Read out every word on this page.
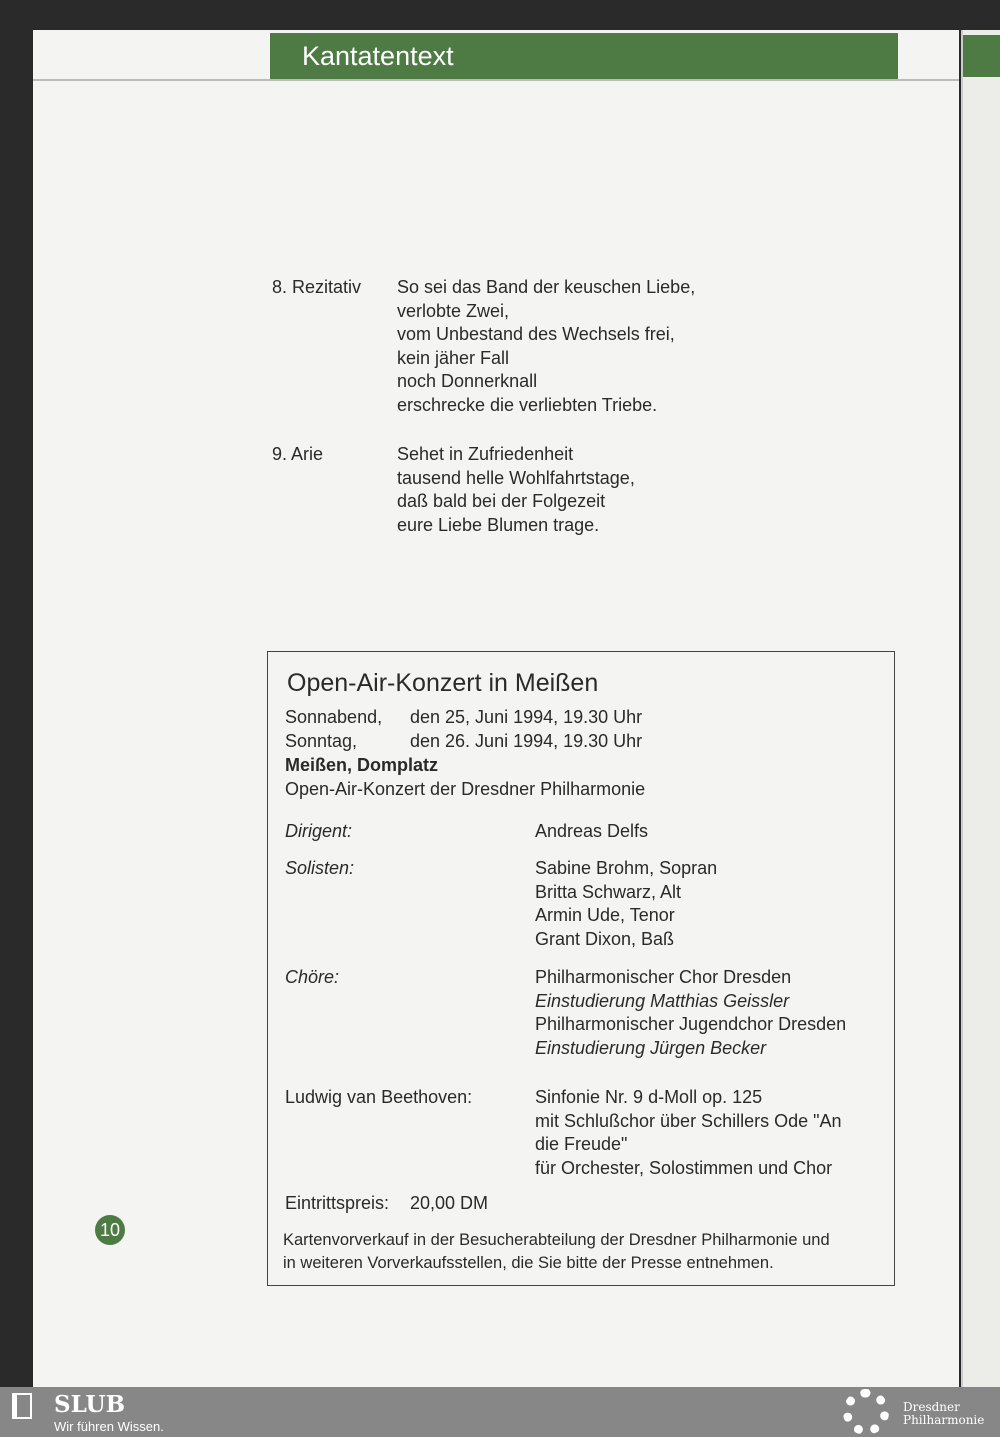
Kantatentext
8. Rezitativ So sei das Band der keuschen Liebe,
verlobte Zwei,
vom Unbestand des Wechsels frei,
kein jäher Fall
noch Donnerknall
erschrecke die verliebten Triebe.
9. Arie	Sehet in Zufriedenheit
tausend helle Wohlfahrtstage,
daß bald bei der Folgezeit
eure Liebe Blumen trage.
Open-Air-Konzert in Meißen
Sonnabend, den 25, Juni 1994, 19.30 Uhr
Sonntag,	den 26. Juni 1994, 19.30 Uhr
Meißen, Domplatz
Open-Air-Konzert der Dresdner Philharmonie
Dirigent:	Andreas Delfs
Solisten:	Sabine Brohm, Sopran
Britta Schwarz, Alt
Armin Ude, Tenor
Grant Dixon, Baß
Chöre:	Philharmonischer Chor Dresden
Einstudierung Matthias Geissler
Philharmonischer Jugendchor Dresden
Einstudierung Jürgen Becker
Ludwig van Beethoven:	Sinfonie Nr. 9 d-Moll op. 125
mit Schlußchor über Schillers Ode "An
die Freude"
für Orchester, Solostimmen und Chor
Eintrittspreis: 20,00 DM
Kartenvorverkauf in der Besucherabteilung der Dresdner Philharmonie und
in weiteren Vorverkaufsstellen, die Sie bitte der Presse entnehmen.
10
SLUB
Wir führen Wissen.
Dresdner
Philharmonie
